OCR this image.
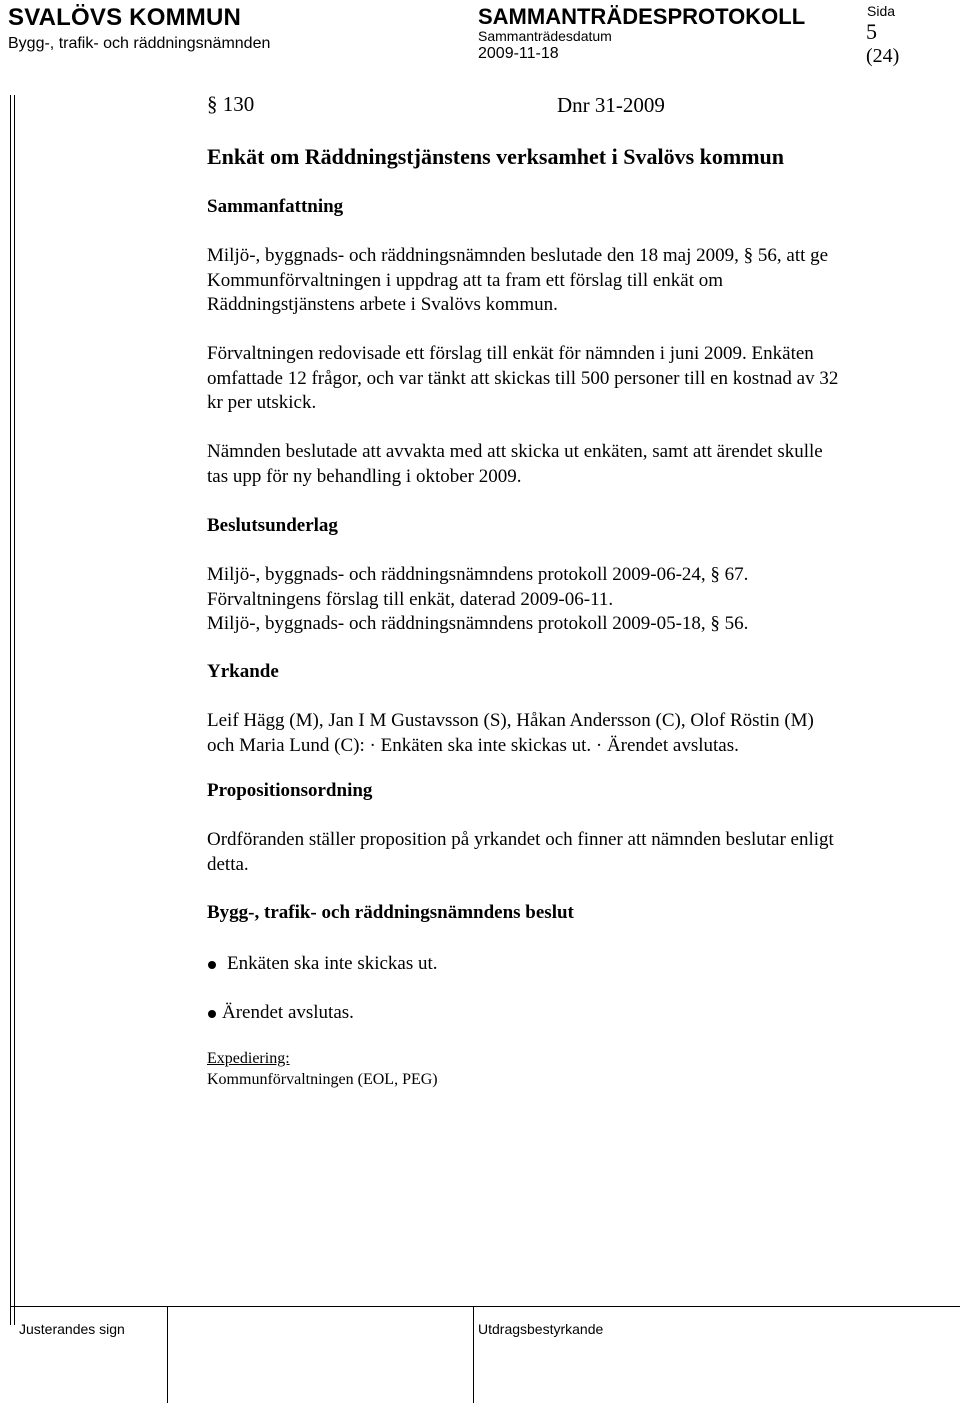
SVALÖVS KOMMUN
Bygg-, trafik- och räddningsnämnden
SAMMANTRÄDESPROTOKOLL
Sammanträdesdatum
2009-11-18
Sida
5
(24)
§ 130	Dnr 31-2009
Enkät om Räddningstjänstens verksamhet i Svalövs kommun
Sammanfattning
Miljö-, byggnads- och räddningsnämnden beslutade den 18 maj 2009, § 56, att ge
Kommunförvaltningen i uppdrag att ta fram ett förslag till enkät om
Räddningstjänstens arbete i Svalövs kommun.
Förvaltningen redovisade ett förslag till enkät för nämnden i juni 2009. Enkäten
omfattade 12 frågor, och var tänkt att skickas till 500 personer till en kostnad av 32
kr per utskick.
Nämnden beslutade att avvakta med att skicka ut enkäten, samt att ärendet skulle
tas upp för ny behandling i oktober 2009.
Beslutsunderlag
Miljö-, byggnads- och räddningsnämndens protokoll 2009-06-24, § 67.
Förvaltningens förslag till enkät, daterad 2009-06-11.
Miljö-, byggnads- och räddningsnämndens protokoll 2009-05-18, § 56.
Yrkande
Leif Hägg (M), Jan I M Gustavsson (S), Håkan Andersson (C), Olof Röstin (M)
och Maria Lund (C): · Enkäten ska inte skickas ut. · Ärendet avslutas.
Propositionsordning
Ordföranden ställer proposition på yrkandet och finner att nämnden beslutar enligt
detta.
Bygg-, trafik- och räddningsnämndens beslut
Enkäten ska inte skickas ut.
Ärendet avslutas.
Expediering:
Kommunförvaltningen (EOL, PEG)
Justerandes sign	Utdragsbestyrkande
